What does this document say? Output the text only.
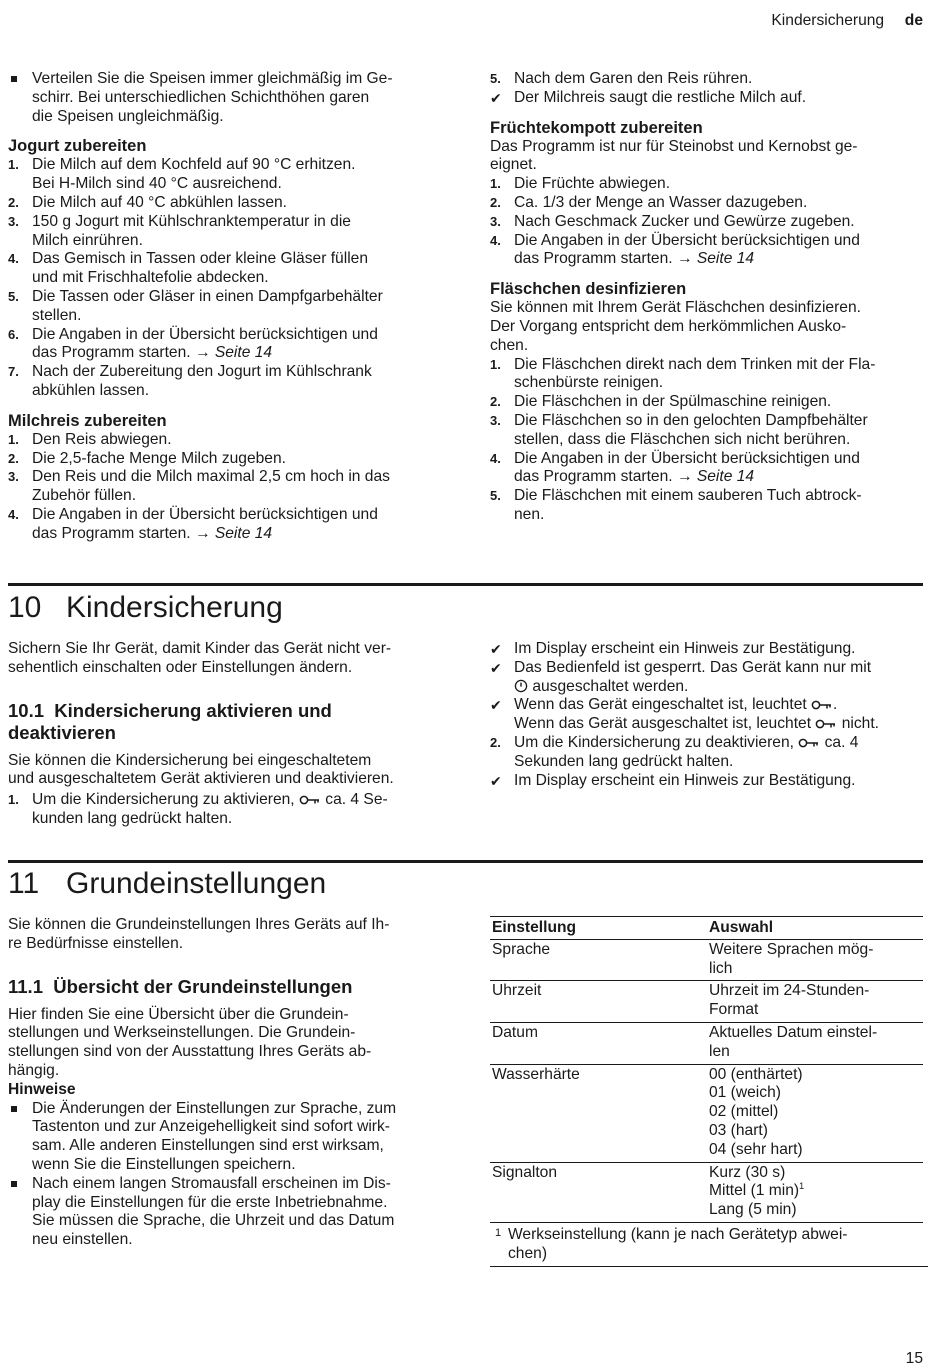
Kindersicherung de

Verteilen Sie die Speisen immer gleichmäßig im Ge-

schirr. Bei unterschiedlichen Schichthöhen garen

die Speisen ungleichmäßig.

Jogurt zubereiten

1. Die Milch auf dem Kochfeld auf 90 °C erhitzen.

Bei H-Milch sind 40 °C ausreichend.

2. Die Milch auf 40 °C abkühlen lassen.

3. 150 g Jogurt mit Kühlschranktemperatur in die

Milch einrühren.

4. Das Gemisch in Tassen oder kleine Gläser füllen

und mit Frischhaltefolie abdecken.

5. Die Tassen oder Gläser in einen Dampfgarbehälter

stellen.

6. Die Angaben in der Übersicht berücksichtigen und

das Programm starten. → Seite 14

7. Nach der Zubereitung den Jogurt im Kühlschrank

abkühlen lassen.

Milchreis zubereiten

1. Den Reis abwiegen.

2. Die 2,5-fache Menge Milch zugeben.

3. Den Reis und die Milch maximal 2,5 cm hoch in das

Zubehör füllen.

4. Die Angaben in der Übersicht berücksichtigen und

das Programm starten. → Seite 14

5. Nach dem Garen den Reis rühren.

✔ Der Milchreis saugt die restliche Milch auf.

Früchtekompott zubereiten

Das Programm ist nur für Steinobst und Kernobst ge-

eignet.

1. Die Früchte abwiegen.

2. Ca. 1/3 der Menge an Wasser dazugeben.

3. Nach Geschmack Zucker und Gewürze zugeben.

4. Die Angaben in der Übersicht berücksichtigen und

das Programm starten. → Seite 14

Fläschchen desinfizieren

Sie können mit Ihrem Gerät Fläschchen desinfizieren.

Der Vorgang entspricht dem herkömmlichen Ausko-

chen.

1. Die Fläschchen direkt nach dem Trinken mit der Fla-

schenbürste reinigen.

2. Die Fläschchen in der Spülmaschine reinigen.

3. Die Fläschchen so in den gelochten Dampfbehälter

stellen, dass die Fläschchen sich nicht berühren.

4. Die Angaben in der Übersicht berücksichtigen und

das Programm starten. → Seite 14

5. Die Fläschchen mit einem sauberen Tuch abtrock-

nen.

10 Kindersicherung

Sichern Sie Ihr Gerät, damit Kinder das Gerät nicht ver-

sehentlich einschalten oder Einstellungen ändern.

10.1 Kindersicherung aktivieren und

deaktivieren

Sie können die Kindersicherung bei eingeschaltetem

und ausgeschaltetem Gerät aktivieren und deaktivieren.

1. Um die Kindersicherung zu aktivieren,  ca. 4 Se-

kunden lang gedrückt halten.

✔ Im Display erscheint ein Hinweis zur Bestätigung.

✔ Das Bedienfeld ist gesperrt. Das Gerät kann nur mit

ausgeschaltet werden.

✔ Wenn das Gerät eingeschaltet ist, leuchtet .

Wenn das Gerät ausgeschaltet ist, leuchtet  nicht.

2. Um die Kindersicherung zu deaktivieren,  ca. 4

Sekunden lang gedrückt halten.

✔ Im Display erscheint ein Hinweis zur Bestätigung.

11 Grundeinstellungen

Sie können die Grundeinstellungen Ihres Geräts auf Ih-

re Bedürfnisse einstellen.

11.1 Übersicht der Grundeinstellungen

Hier finden Sie eine Übersicht über die Grundein-

stellungen und Werkseinstellungen. Die Grundein-

stellungen sind von der Ausstattung Ihres Geräts ab-

hängig.

Hinweise

Die Änderungen der Einstellungen zur Sprache, zum

Tastenton und zur Anzeigehelligkeit sind sofort wirk-

sam. Alle anderen Einstellungen sind erst wirksam,

wenn Sie die Einstellungen speichern.

Nach einem langen Stromausfall erscheinen im Dis-

play die Einstellungen für die erste Inbetriebnahme.

Sie müssen die Sprache, die Uhrzeit und das Datum

neu einstellen.

Einstellung	Auswahl
Sprache	Weitere Sprachen mög-

lich

Uhrzeit	Uhrzeit im 24-Stunden-

Format

Datum	Aktuelles Datum einstel-

len

Wasserhärte	00 (enthärtet)

01 (weich)

02 (mittel)

03 (hart)

04 (sehr hart)

Signalton	Kurz (30 s)

Mittel (1 min)$^1$

Lang (5 min)

1 Werkseinstellung (kann je nach Gerätetyp abwei-

chen)

15
